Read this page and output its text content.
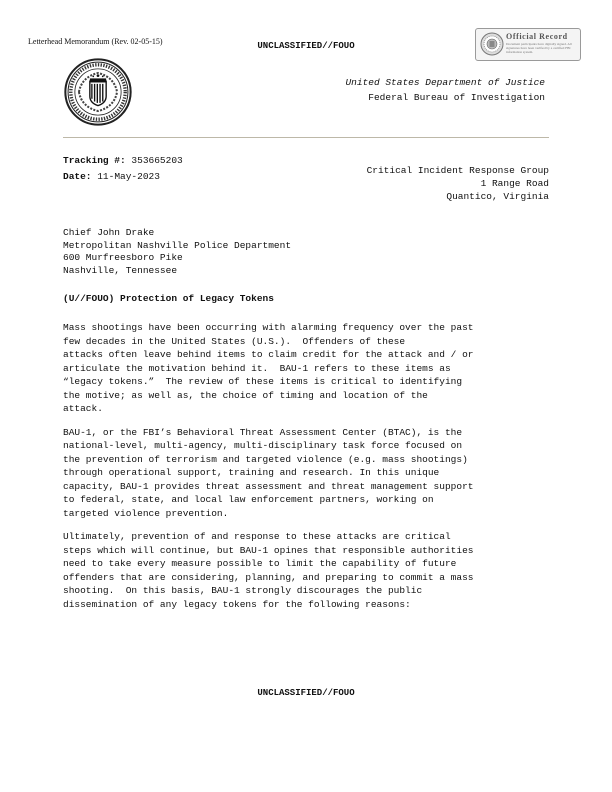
Letterhead Memorandum (Rev. 02-05-15)	UNCLASSIFIED//FOUO
Official Record
Document participants have digitally signed. All signatures have been verified by a certified FBI information system.
United States Department of Justice
Federal Bureau of Investigation
Tracking #: 353665203
Date: 11-May-2023	Critical Incident Response Group
1 Range Road
Quantico, Virginia
Chief John Drake
Metropolitan Nashville Police Department
600 Murfreesboro Pike
Nashville, Tennessee
(U//FOUO) Protection of Legacy Tokens

Mass shootings have been occurring with alarming frequency over the past
few decades in the United States (U.S.).  Offenders of these
attacks often leave behind items to claim credit for the attack and / or
articulate the motivation behind it.  BAU-1 refers to these items as
“legacy tokens.”  The review of these items is critical to identifying
the motive; as well as, the choice of timing and location of the
attack.

BAU-1, or the FBI’s Behavioral Threat Assessment Center (BTAC), is the
national-level, multi-agency, multi-disciplinary task force focused on
the prevention of terrorism and targeted violence (e.g. mass shootings)
through operational support, training and research. In this unique
capacity, BAU-1 provides threat assessment and threat management support
to federal, state, and local law enforcement partners, working on
targeted violence prevention.

Ultimately, prevention of and response to these attacks are critical
steps which will continue, but BAU-1 opines that responsible authorities
need to take every measure possible to limit the capability of future
offenders that are considering, planning, and preparing to commit a mass
shooting.  On this basis, BAU-1 strongly discourages the public
dissemination of any legacy tokens for the following reasons:

UNCLASSIFIED//FOUO
